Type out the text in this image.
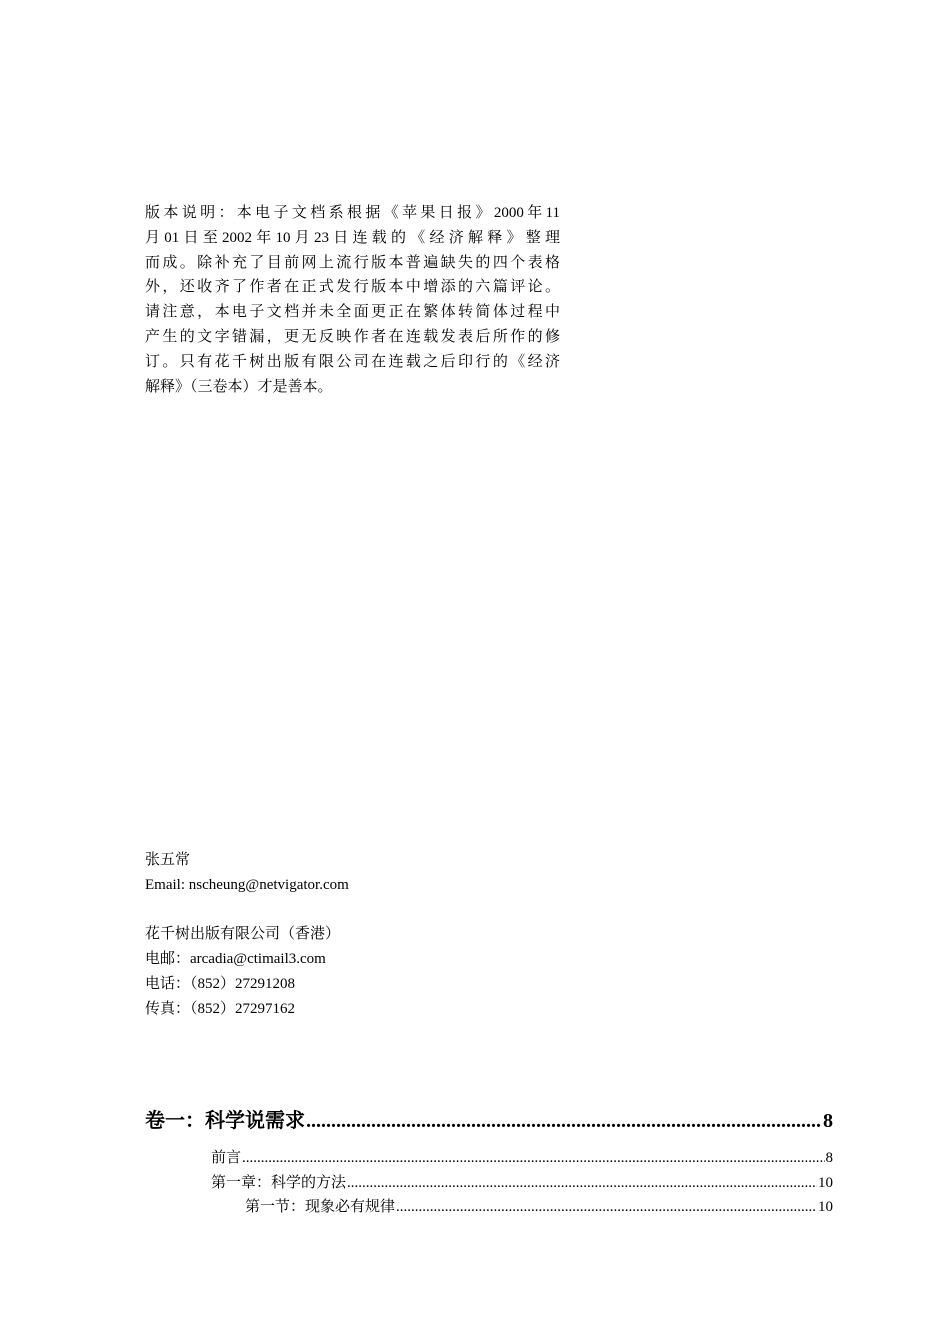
版本说明：本电子文档系根据《苹果日报》2000年11
月01日至2002年10月23日连载的《经济解释》整理
而成。除补充了目前网上流行版本普遍缺失的四个表格
外，还收齐了作者在正式发行版本中增添的六篇评论。
请注意，本电子文档并未全面更正在繁体转简体过程中
产生的文字错漏，更无反映作者在连载发表后所作的修
订。只有花千树出版有限公司在连载之后印行的《经济
解释》（三卷本）才是善本。
张五常
Email: nscheung@netvigator.com
花千树出版有限公司（香港）
电邮：arcadia@ctimail3.com
电话：（852）27291208
传真：（852）27297162
卷一：科学说需求 .....	8
前言 .....	8
第一章：科学的方法 .....	10
第一节：现象必有规律 .....	10
